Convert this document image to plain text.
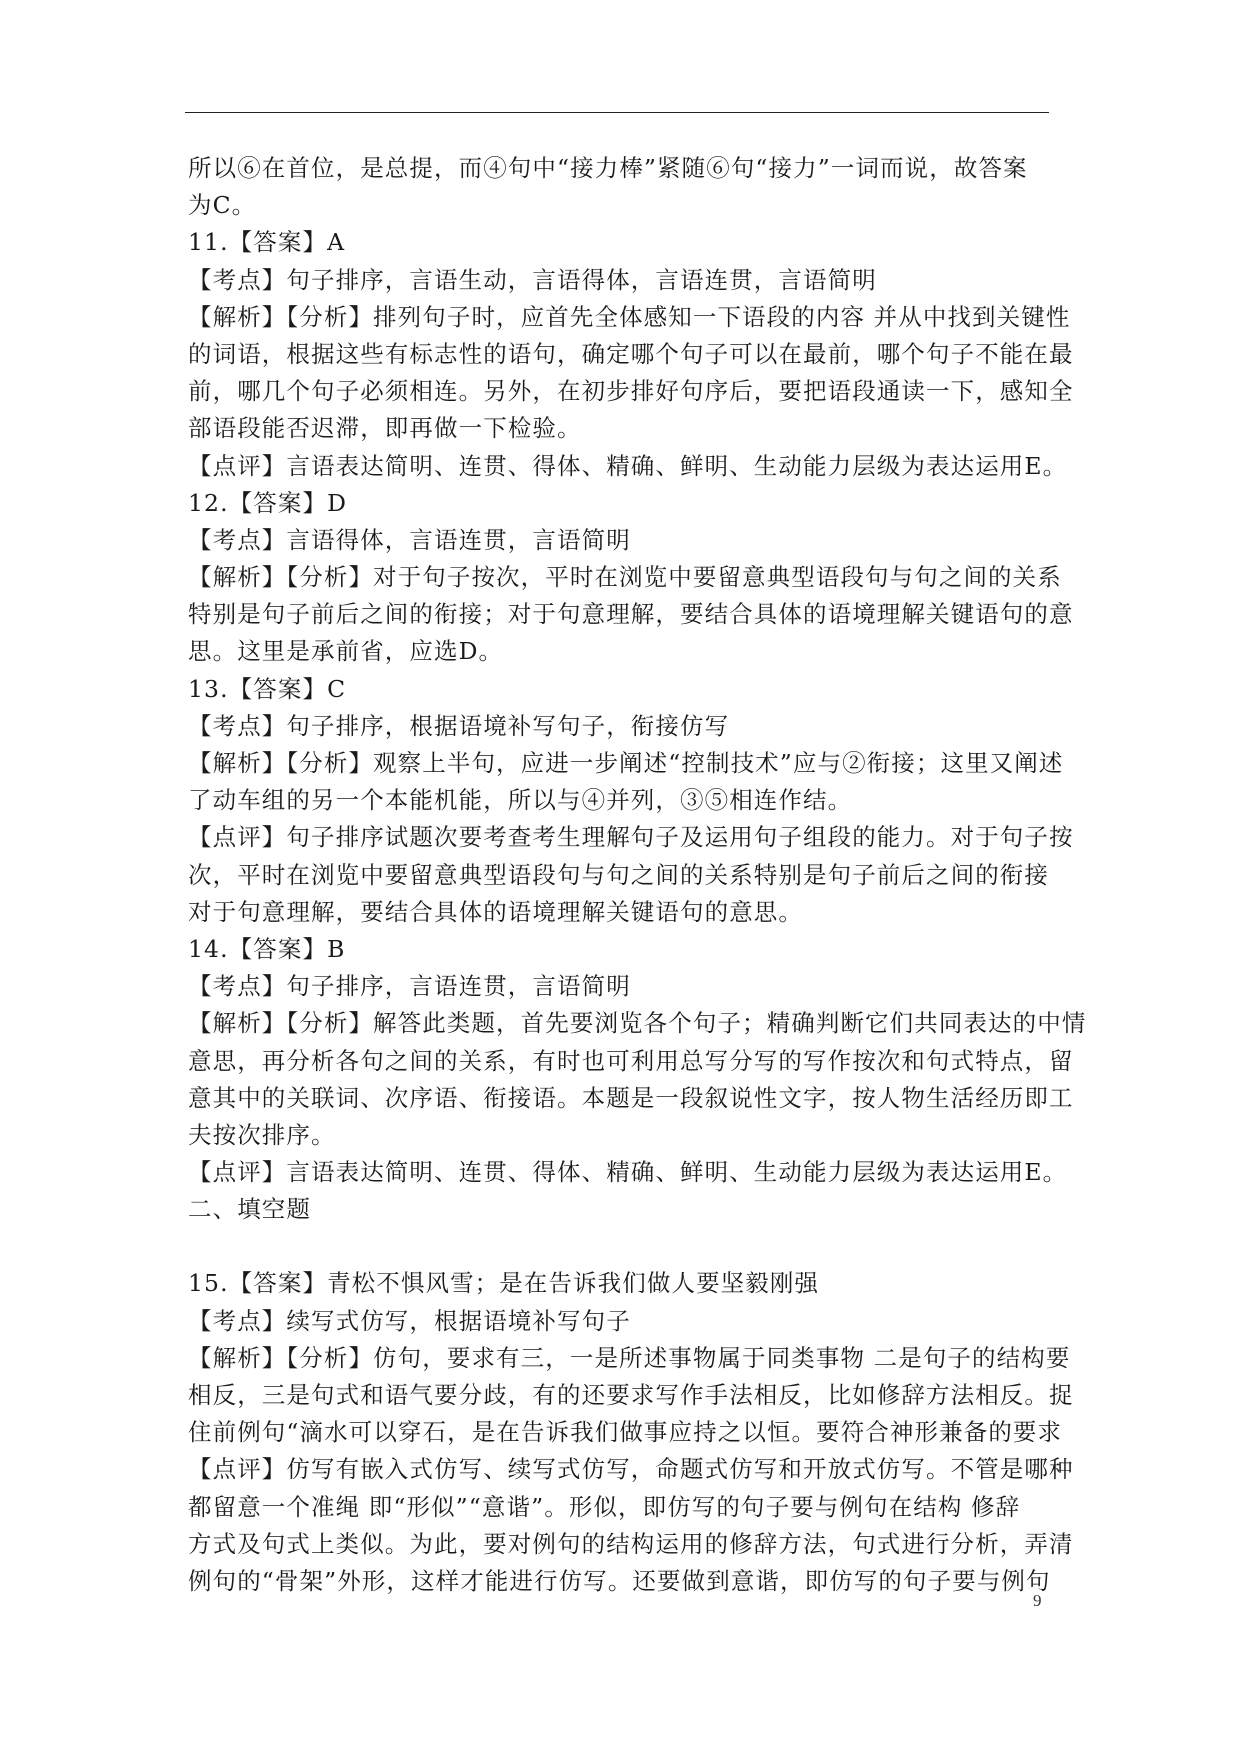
所以⑥在首位，是总提，而④句中“接力棒”紧随⑥句“接力”一词而说，故答案
为C。
11.【答案】A
【考点】句子排序，言语生动，言语得体，言语连贯，言语简明
【解析】【分析】排列句子时，应首先全体感知一下语段的内容 并从中找到关键性
的词语，根据这些有标志性的语句，确定哪个句子可以在最前，哪个句子不能在最
前，哪几个句子必须相连。另外，在初步排好句序后，要把语段通读一下，感知全
部语段能否迟滞，即再做一下检验。
【点评】言语表达简明、连贯、得体、精确、鲜明、生动能力层级为表达运用E。
12.【答案】D
【考点】言语得体，言语连贯，言语简明
【解析】【分析】对于句子按次，平时在浏览中要留意典型语段句与句之间的关系
特别是句子前后之间的衔接；对于句意理解，要结合具体的语境理解关键语句的意
思。这里是承前省，应选D。
13.【答案】C
【考点】句子排序，根据语境补写句子，衔接仿写
【解析】【分析】观察上半句，应进一步阐述“控制技术”应与②衔接；这里又阐述
了动车组的另一个本能机能，所以与④并列，③⑤相连作结。
【点评】句子排序试题次要考查考生理解句子及运用句子组段的能力。对于句子按
次，平时在浏览中要留意典型语段句与句之间的关系特别是句子前后之间的衔接
对于句意理解，要结合具体的语境理解关键语句的意思。
14.【答案】B
【考点】句子排序，言语连贯，言语简明
【解析】【分析】解答此类题，首先要浏览各个句子；精确判断它们共同表达的中情
意思，再分析各句之间的关系，有时也可利用总写分写的写作按次和句式特点，留
意其中的关联词、次序语、衔接语。本题是一段叙说性文字，按人物生活经历即工
夫按次排序。
【点评】言语表达简明、连贯、得体、精确、鲜明、生动能力层级为表达运用E。
二、填空题
15.【答案】青松不惧风雪；是在告诉我们做人要坚毅刚强
【考点】续写式仿写，根据语境补写句子
【解析】【分析】仿句，要求有三，一是所述事物属于同类事物 二是句子的结构要
相反，三是句式和语气要分歧，有的还要求写作手法相反，比如修辞方法相反。捉
住前例句“滴水可以穿石，是在告诉我们做事应持之以恒。要符合神形兼备的要求
【点评】仿写有嵌入式仿写、续写式仿写，命题式仿写和开放式仿写。不管是哪种
都留意一个准绳 即“形似”“意谐”。形似，即仿写的句子要与例句在结构 修辞
方式及句式上类似。为此，要对例句的结构运用的修辞方法，句式进行分析，弄清
例句的“骨架”外形，这样才能进行仿写。还要做到意谐，即仿写的句子要与例句
9
